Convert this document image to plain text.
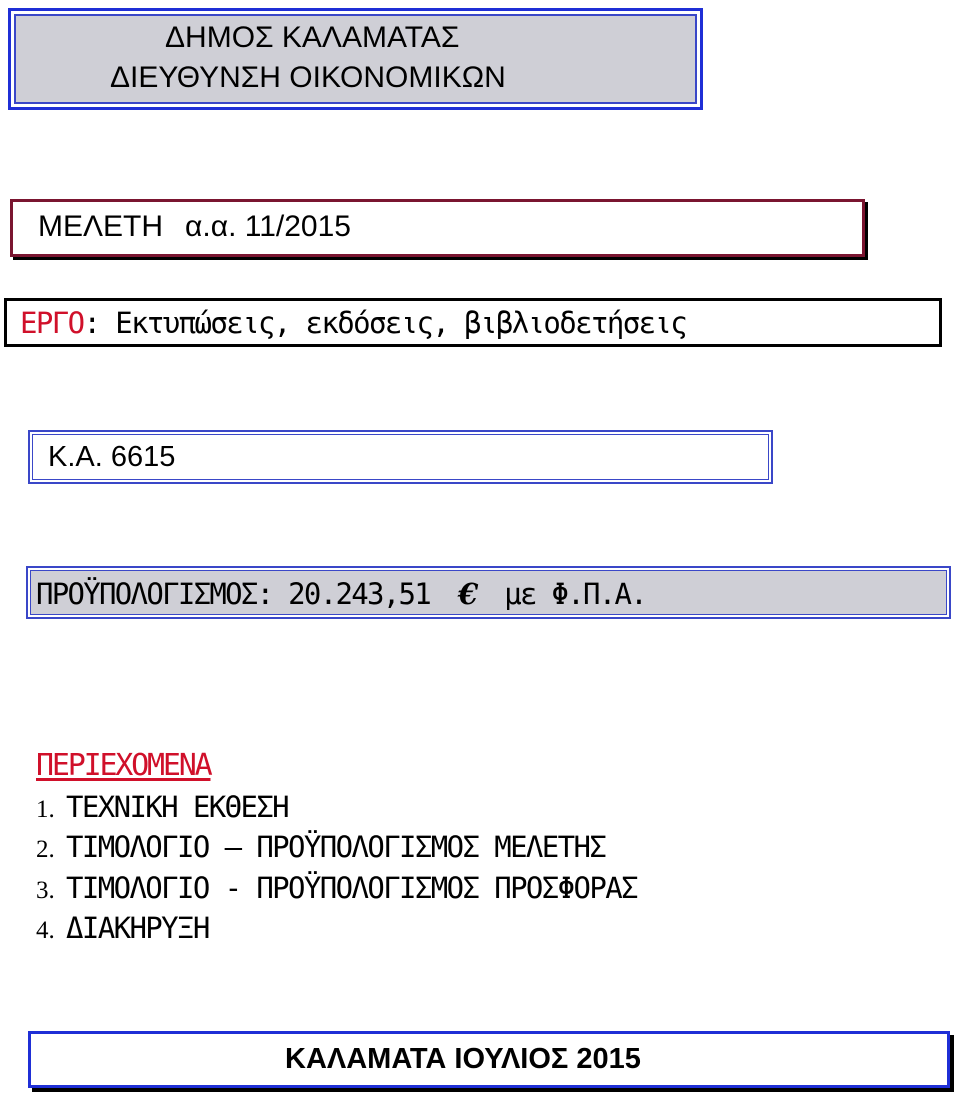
ΔΗΜΟΣ ΚΑΛΑΜΑΤΑΣ
ΔΙΕΥΘΥΝΣΗ ΟΙΚΟΝΟΜΙΚΩΝ
ΜΕΛΕΤΗ α.α. 11/2015
ΕΡΓΟ: Εκτυπώσεις, εκδόσεις, βιβλιοδετήσεις
Κ.Α. 6615
ΠΡΟΫΠΟΛΟΓΙΣΜΟΣ: 20.243,51 € με Φ.Π.Α.
ΠΕΡΙΕΧΟΜΕΝΑ
1. ΤΕΧΝΙΚΗ ΕΚΘΕΣΗ
2. ΤΙΜΟΛΟΓΙΟ – ΠΡΟΫΠΟΛΟΓΙΣΜΟΣ ΜΕΛΕΤΗΣ
3. ΤΙΜΟΛΟΓΙΟ - ΠΡΟΫΠΟΛΟΓΙΣΜΟΣ ΠΡΟΣΦΟΡΑΣ
4. ΔΙΑΚΗΡΥΞΗ
ΚΑΛΑΜΑΤΑ ΙΟΥΛΙΟΣ 2015
